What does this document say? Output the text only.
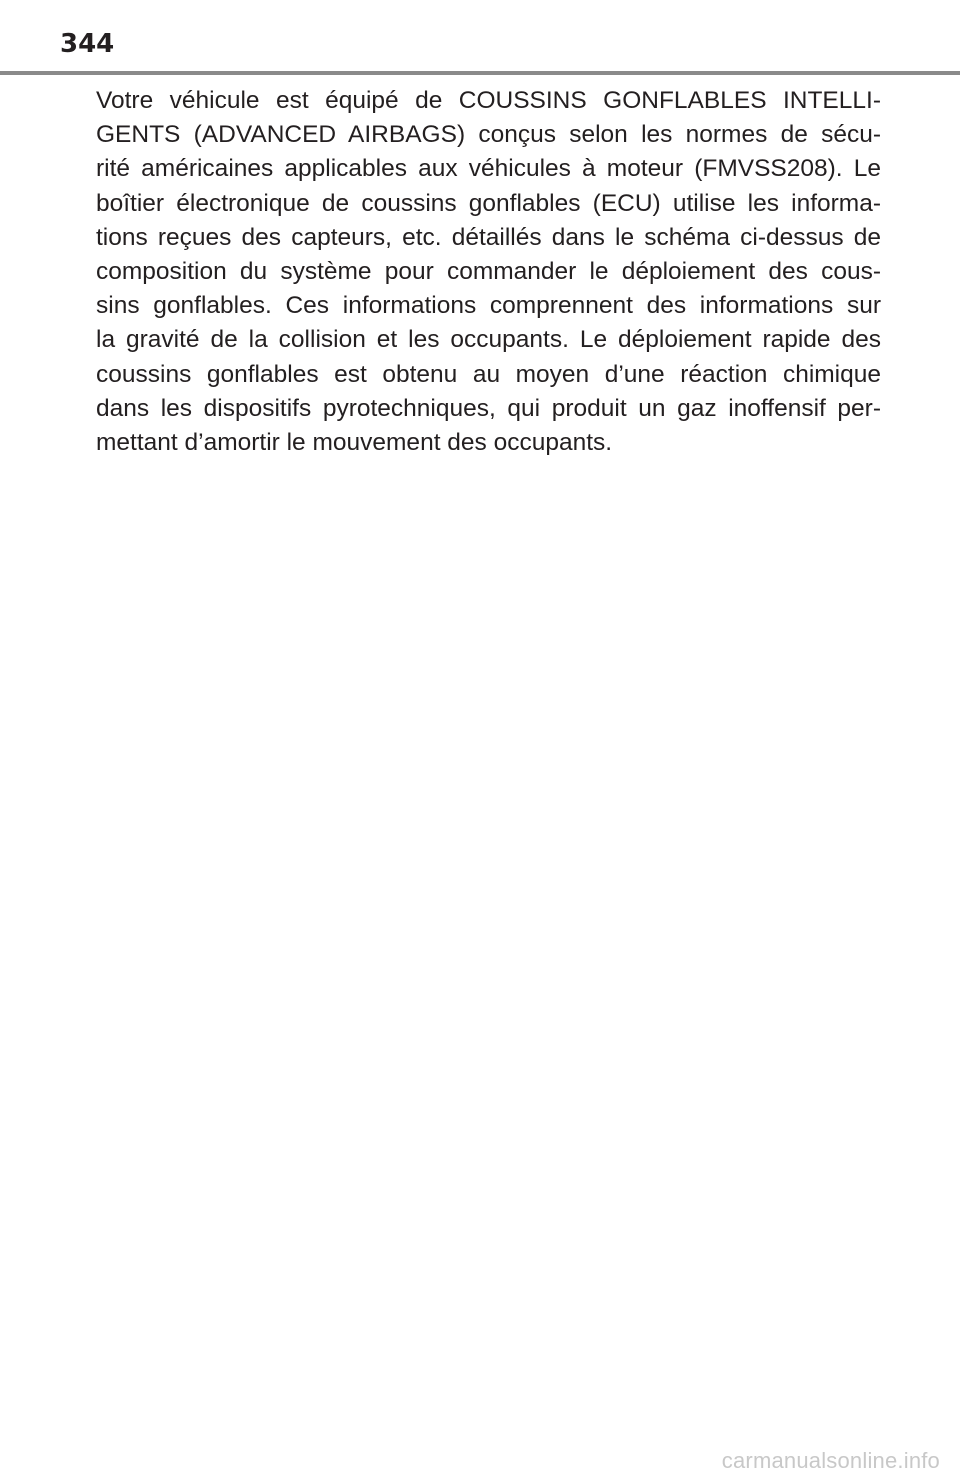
344
Votre véhicule est équipé de COUSSINS GONFLABLES INTELLI-
GENTS (ADVANCED AIRBAGS) conçus selon les normes de sécu-
rité américaines applicables aux véhicules à moteur (FMVSS208). Le
boîtier électronique de coussins gonflables (ECU) utilise les informa-
tions reçues des capteurs, etc. détaillés dans le schéma ci-dessus de
composition du système pour commander le déploiement des cous-
sins gonflables. Ces informations comprennent des informations sur
la gravité de la collision et les occupants. Le déploiement rapide des
coussins gonflables est obtenu au moyen d’une réaction chimique
dans les dispositifs pyrotechniques, qui produit un gaz inoffensif per-
mettant d’amortir le mouvement des occupants.
carmanualsonline.info
